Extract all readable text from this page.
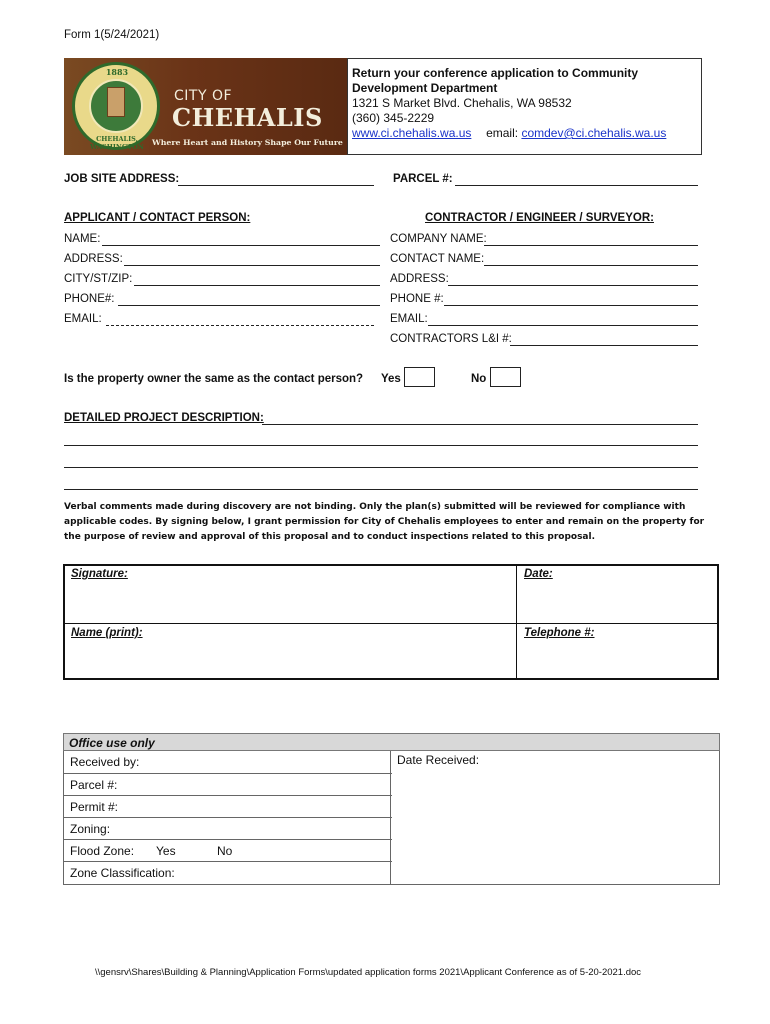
Form 1(5/24/2021)
1883
CHEHALIS, WASHINGTON
CITY OF
CHEHALIS
Where Heart and History Shape Our Future
Return your conference application to Community
Development Department
1321 S Market Blvd. Chehalis, WA 98532
(360) 345-2229
www.ci.chehalis.wa.us email: comdev@ci.chehalis.wa.us
JOB SITE ADDRESS:	PARCEL #:
APPLICANT / CONTACT PERSON:
NAME:
ADDRESS:
CITY/ST/ZIP:
PHONE#:
EMAIL:
CONTRACTOR / ENGINEER / SURVEYOR:
COMPANY NAME:
CONTACT NAME:
ADDRESS:
PHONE #:
EMAIL:
CONTRACTORS L&I #:
Is the property owner the same as the contact person? Yes	No
DETAILED PROJECT DESCRIPTION:
Verbal comments made during discovery are not binding. Only the plan(s) submitted will be reviewed for compliance with applicable codes. By signing below, I grant permission for City of Chehalis employees to enter and remain on the property for the purpose of review and approval of this proposal and to conduct inspections related to this proposal.
Signature:	Date:
Name (print):	Telephone #:
Office use only
Received by:
Parcel #:
Permit #:
Zoning:
Flood Zone: Yes	No
Zone Classification:
Date Received:
\\gensrv\Shares\Building & Planning\Application Forms\updated application forms 2021\Applicant Conference as of 5-20-2021.doc
